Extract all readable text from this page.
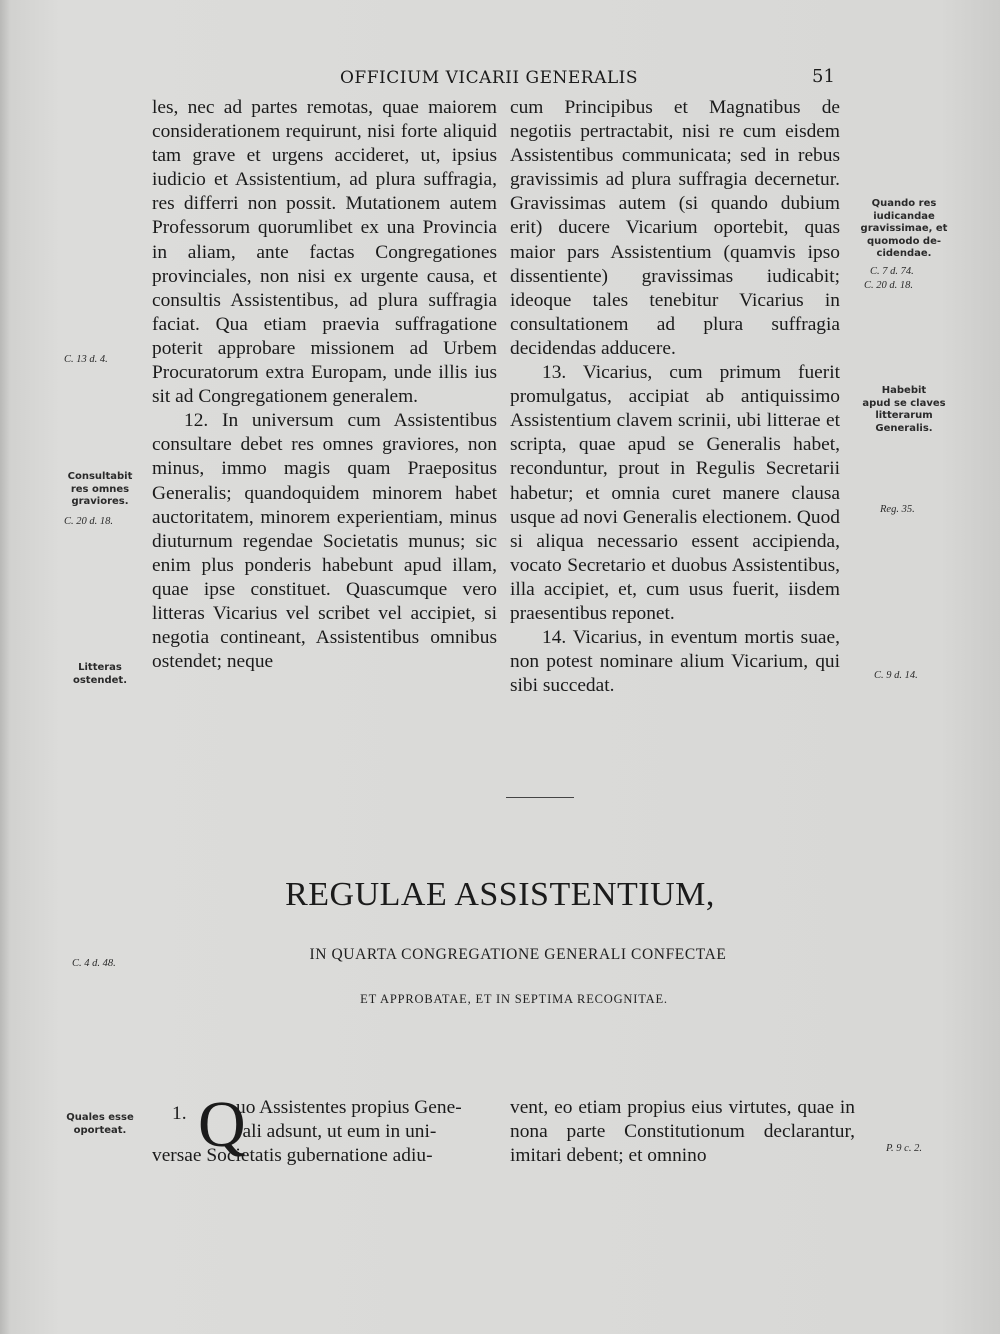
OFFICIUM VICARII GENERALIS	51

les, nec ad partes remotas, quae maiorem considerationem requirunt, nisi forte aliquid tam grave et urgens accideret, ut, ipsius iudicio et Assistentium, ad plura suffragia, res differri non possit. Mutationem autem Professorum quorumlibet ex una Provincia in aliam, ante factas Congregationes provinciales, non nisi ex urgente causa, et consultis Assistentibus, ad plura suffragia faciat. Qua etiam praevia suffragatione poterit approbare missionem ad Urbem Procuratorum extra Europam, unde illis ius sit ad Congregationem generalem.

12. In universum cum Assistentibus consultare debet res omnes graviores, non minus, immo magis quam Praepositus Generalis; quandoquidem minorem habet auctoritatem, minorem experientiam, minus diuturnum regendae Societatis munus; sic enim plus ponderis habebunt apud illam, quae ipse constituet. Quascumque vero litteras Vicarius vel scribet vel accipiet, si negotia contineant, Assistentibus omnibus ostendet; neque

cum Principibus et Magnatibus de negotiis pertractabit, nisi re cum eisdem Assistentibus communicata; sed in rebus gravissimis ad plura suffragia decernetur. Gravissimas autem (si quando dubium erit) ducere Vicarium oportebit, quas maior pars Assistentium (quamvis ipso dissentiente) gravissimas iudicabit; ideoque tales tenebitur Vicarius in consultationem ad plura suffragia decidendas adducere.

13. Vicarius, cum primum fuerit promulgatus, accipiat ab antiquissimo Assistentium clavem scrinii, ubi litterae et scripta, quae apud se Generalis habet, reconduntur, prout in Regulis Secretarii habetur; et omnia curet manere clausa usque ad novi Generalis electionem. Quod si aliqua necessario essent accipienda, vocato Secretario et duobus Assistentibus, illa accipiet, et, cum usus fuerit, iisdem praesentibus reponet.

14. Vicarius, in eventum mortis suae, non potest nominare alium Vicarium, qui sibi succedat.

C. 13 d. 4.
Consultabit
res omnes
graviores.
C. 20 d. 18.
Litteras
ostendet.
C. 4 d. 48.
Quales esse
oporteat.
Quando res
iudicandae
gravissimae, et
quomodo de-
cidendae.
C. 7 d. 74.
C. 20 d. 18.
Habebit
apud se claves
litterarum
Generalis.
Reg. 35.
C. 9 d. 14.
P. 9 c. 2.
REGULAE ASSISTENTIUM,
IN QUARTA CONGREGATIONE GENERALI CONFECTAE
ET APPROBATAE, ET IN SEPTIMA RECOGNITAE.
1. Q
uo Assistentes propius Gene-
rali adsunt, ut eum in uni-
versae Societatis gubernatione adiu-
vent, eo etiam propius eius virtutes, quae in nona parte Constitutionum declarantur, imitari debent; et omnino
